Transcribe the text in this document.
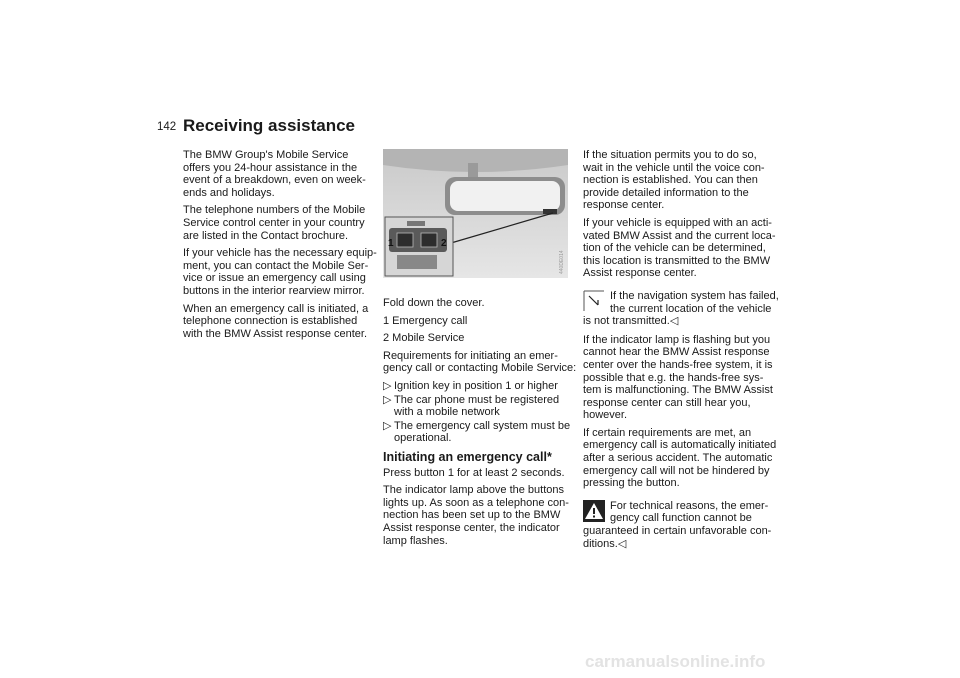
142 Receiving assistance

The BMW Group's Mobile Service
offers you 24-hour assistance in the
event of a breakdown, even on week-
ends and holidays.

The telephone numbers of the Mobile
Service control center in your country
are listed in the Contact brochure.

If your vehicle has the necessary equip-
ment, you can contact the Mobile Ser-
vice or issue an emergency call using
buttons in the interior rearview mirror.

When an emergency call is initiated, a
telephone connection is established
with the BMW Assist response center.

1	2
440DE014

Fold down the cover.

1 Emergency call

2 Mobile Service

Requirements for initiating an emer-
gency call or contacting Mobile Service:

▷ Ignition key in position 1 or higher
▷ The car phone must be registered
with a mobile network
▷ The emergency call system must be
operational.
Initiating an emergency call*

Press button 1 for at least 2 seconds.

The indicator lamp above the buttons
lights up. As soon as a telephone con-
nection has been set up to the BMW
Assist response center, the indicator
lamp flashes.

If the situation permits you to do so,
wait in the vehicle until the voice con-
nection is established. You can then
provide detailed information to the
response center.

If your vehicle is equipped with an acti-
vated BMW Assist and the current loca-
tion of the vehicle can be determined,
this location is transmitted to the BMW
Assist response center.

If the navigation system has failed,

the current location of the vehicle

is not transmitted.◁

If the indicator lamp is flashing but you
cannot hear the BMW Assist response
center over the hands-free system, it is
possible that e.g. the hands-free sys-
tem is malfunctioning. The BMW Assist
response center can still hear you,
however.

If certain requirements are met, an
emergency call is automatically initiated
after a serious accident. The automatic
emergency call will not be hindered by
pressing the button.

For technical reasons, the emer-

gency call function cannot be

guaranteed in certain unfavorable con-
ditions.◁

carmanualsonline.info
